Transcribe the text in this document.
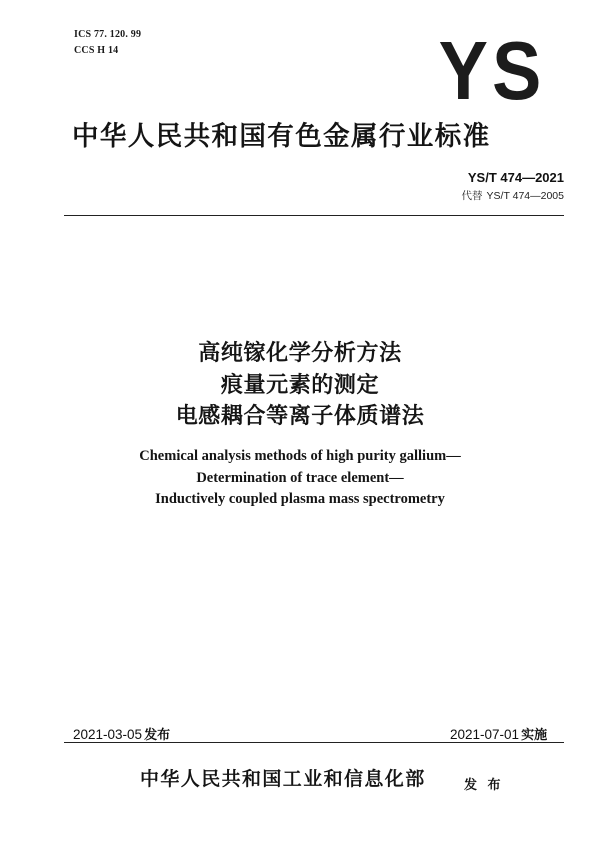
ICS 77. 120. 99
CCS H 14	YS
中华人民共和国有色金属行业标准
YS/T 474—2021
代替 YS/T 474—2005
高纯镓化学分析方法
痕量元素的测定
电感耦合等离子体质谱法
Chemical analysis methods of high purity gallium—
Determination of trace element—
Inductively coupled plasma mass spectrometry
2021-03-05 发布	2021-07-01 实施
中华人民共和国工业和信息化部	发 布
